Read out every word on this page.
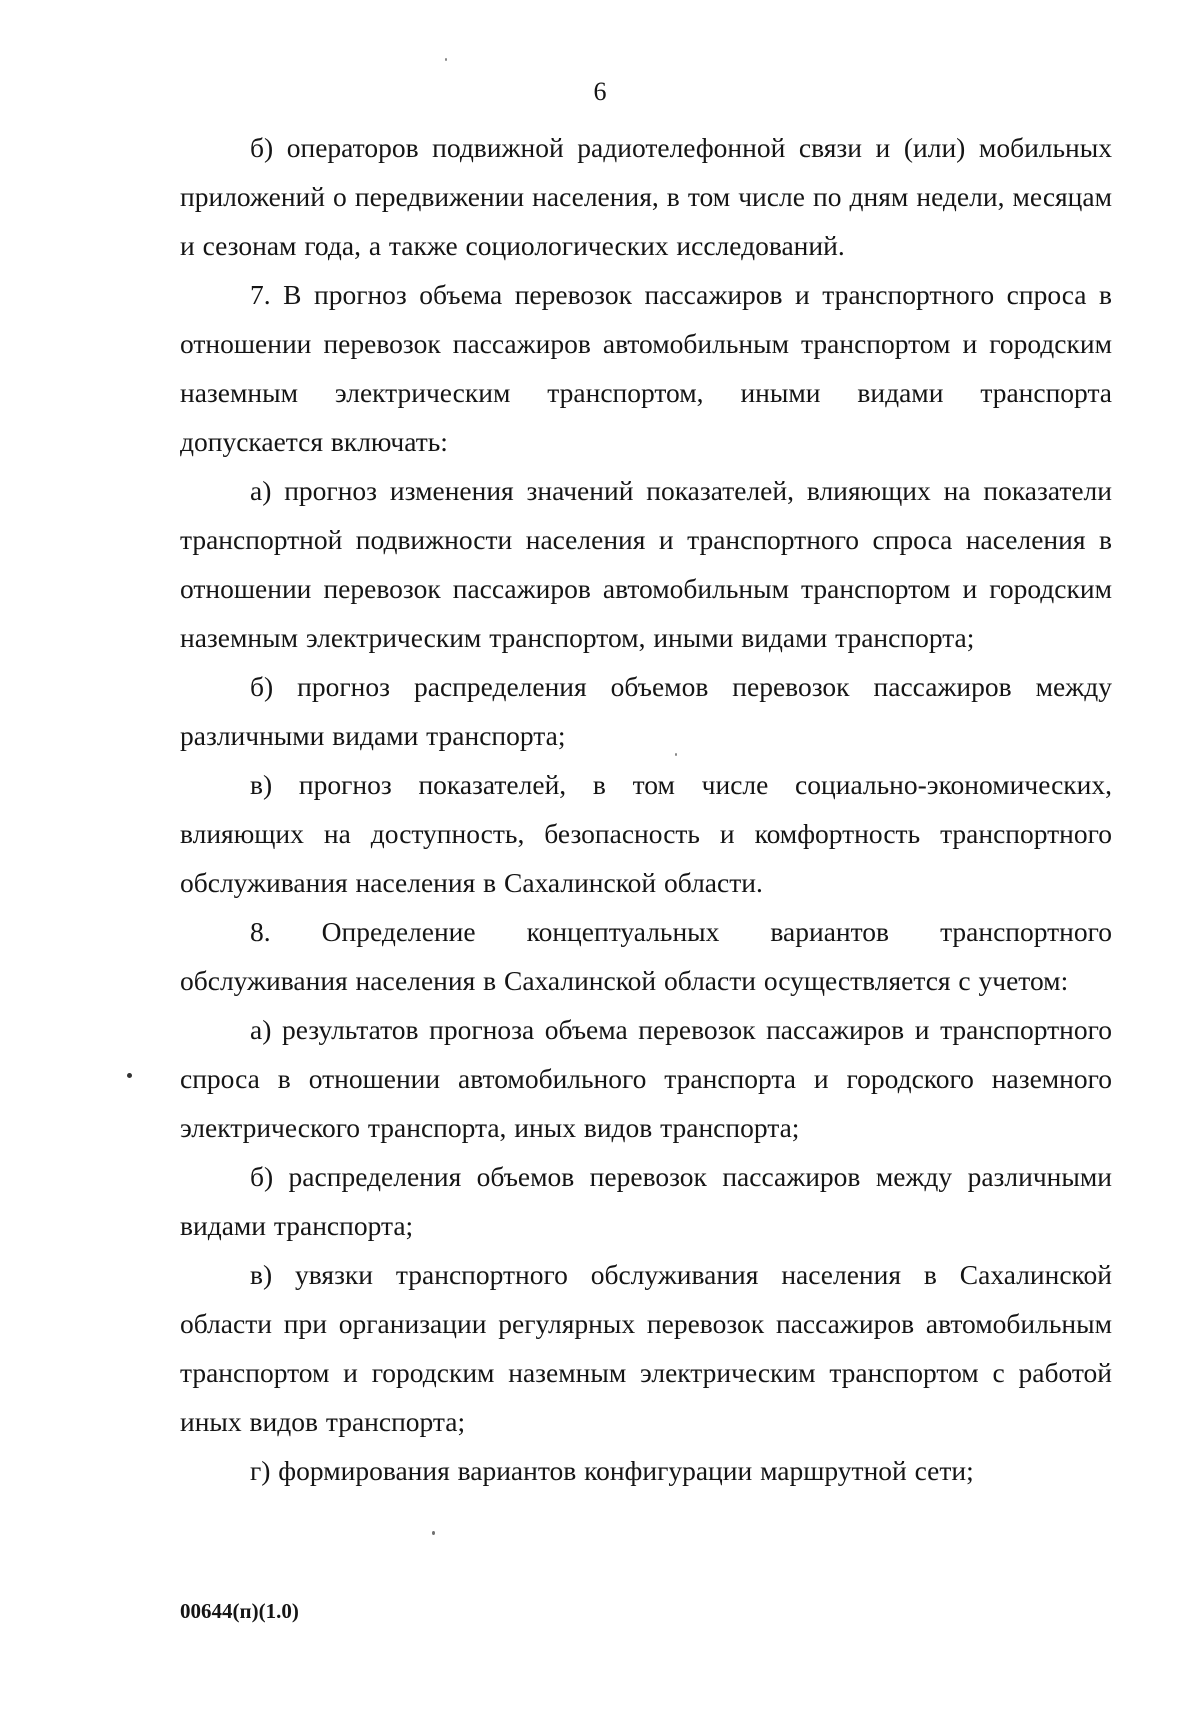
6

б) операторов подвижной радиотелефонной связи и (или) мобильных приложений о передвижении населения, в том числе по дням недели, месяцам и сезонам года, а также социологических исследований.

7. В прогноз объема перевозок пассажиров и транспортного спроса в отношении перевозок пассажиров автомобильным транспортом и городским наземным электрическим транспортом, иными видами транспорта допускается включать:

а) прогноз изменения значений показателей, влияющих на показатели транспортной подвижности населения и транспортного спроса населения в отношении перевозок пассажиров автомобильным транспортом и городским наземным электрическим транспортом, иными видами транспорта;

б) прогноз распределения объемов перевозок пассажиров между различными видами транспорта;

в) прогноз показателей, в том числе социально-экономических, влияющих на доступность, безопасность и комфортность транспортного обслуживания населения в Сахалинской области.

8. Определение концептуальных вариантов транспортного обслуживания населения в Сахалинской области осуществляется с учетом:

а) результатов прогноза объема перевозок пассажиров и транспортного спроса в отношении автомобильного транспорта и городского наземного электрического транспорта, иных видов транспорта;

б) распределения объемов перевозок пассажиров между различными видами транспорта;

в) увязки транспортного обслуживания населения в Сахалинской области при организации регулярных перевозок пассажиров автомобильным транспортом и городским наземным электрическим транспортом с работой иных видов транспорта;

г) формирования вариантов конфигурации маршрутной сети;

00644(п)(1.0)
